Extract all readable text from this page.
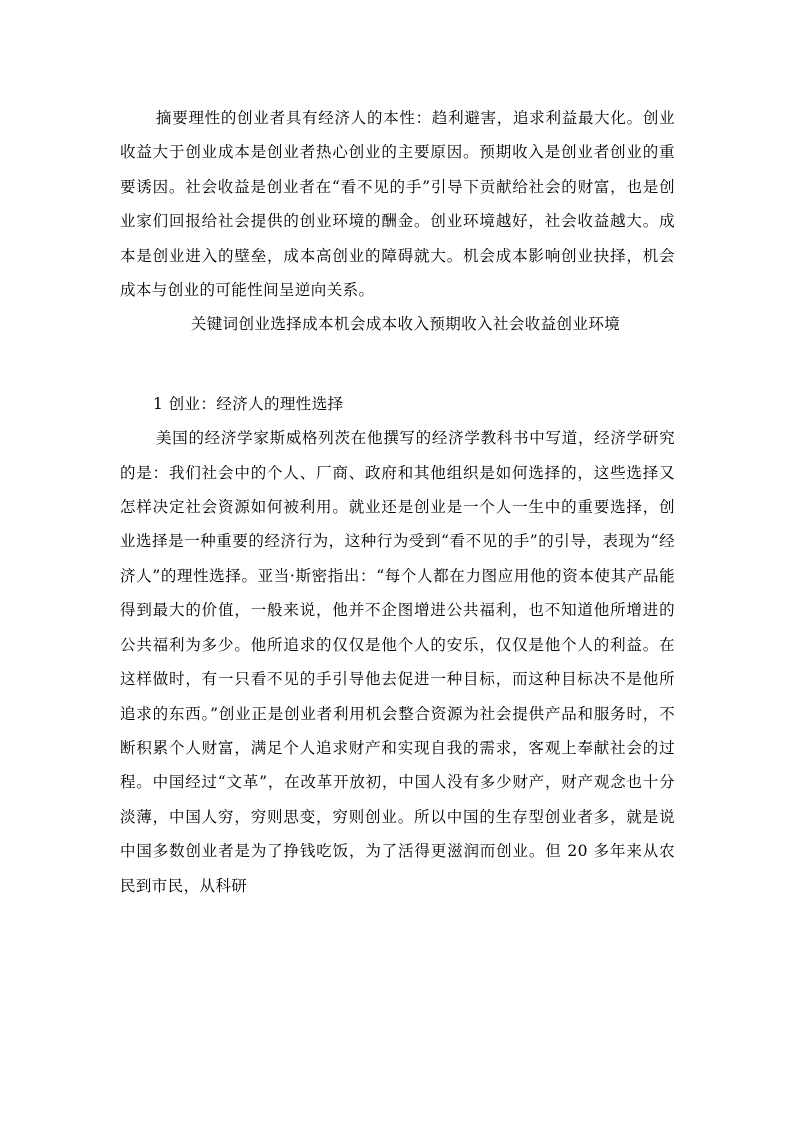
摘要理性的创业者具有经济人的本性：趋利避害，追求利益最大化。创业收益大于创业成本是创业者热心创业的主要原因。预期收入是创业者创业的重要诱因。社会收益是创业者在“看不见的手”引导下贡献给社会的财富，也是创业家们回报给社会提供的创业环境的酬金。创业环境越好，社会收益越大。成本是创业进入的壁垒，成本高创业的障碍就大。机会成本影响创业抉择，机会成本与创业的可能性间呈逆向关系。

关键词创业选择成本机会成本收入预期收入社会收益创业环境

1 创业：经济人的理性选择

美国的经济学家斯威格列茨在他撰写的经济学教科书中写道，经济学研究的是：我们社会中的个人、厂商、政府和其他组织是如何选择的，这些选择又怎样决定社会资源如何被利用。就业还是创业是一个人一生中的重要选择，创业选择是一种重要的经济行为，这种行为受到“看不见的手”的引导，表现为“经济人”的理性选择。亚当·斯密指出：“每个人都在力图应用他的资本使其产品能得到最大的价值，一般来说，他并不企图增进公共福利，也不知道他所增进的公共福利为多少。他所追求的仅仅是他个人的安乐，仅仅是他个人的利益。在这样做时，有一只看不见的手引导他去促进一种目标，而这种目标决不是他所追求的东西。”创业正是创业者利用机会整合资源为社会提供产品和服务时，不断积累个人财富，满足个人追求财产和实现自我的需求，客观上奉献社会的过程。中国经过“文革”，在改革开放初，中国人没有多少财产，财产观念也十分淡薄，中国人穷，穷则思变，穷则创业。所以中国的生存型创业者多，就是说中国多数创业者是为了挣钱吃饭，为了活得更滋润而创业。但 20 多年来从农民到市民，从科研
